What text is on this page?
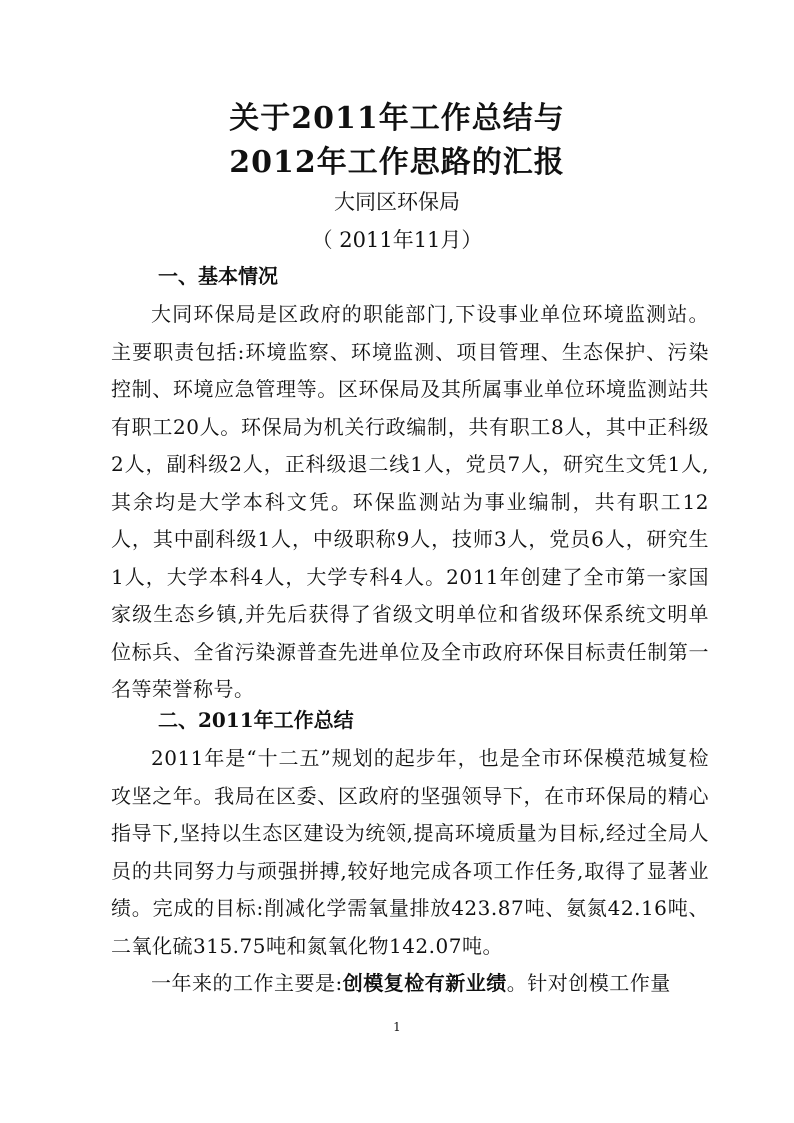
关于2011年工作总结与
2012年工作思路的汇报
大同区环保局
（ 2011年11月）
一、基本情况
大同环保局是区政府的职能部门,下设事业单位环境监测站。主要职责包括:环境监察、环境监测、项目管理、生态保护、污染控制、环境应急管理等。区环保局及其所属事业单位环境监测站共有职工20人。环保局为机关行政编制，共有职工8人，其中正科级2人，副科级2人，正科级退二线1人，党员7人，研究生文凭1人,其余均是大学本科文凭。环保监测站为事业编制，共有职工12人，其中副科级1人，中级职称9人，技师3人，党员6人，研究生1人，大学本科4人，大学专科4人。2011年创建了全市第一家国家级生态乡镇,并先后获得了省级文明单位和省级环保系统文明单位标兵、全省污染源普查先进单位及全市政府环保目标责任制第一名等荣誉称号。
二、2011年工作总结
2011年是“十二五”规划的起步年，也是全市环保模范城复检攻坚之年。我局在区委、区政府的坚强领导下，在市环保局的精心指导下,坚持以生态区建设为统领,提高环境质量为目标,经过全局人员的共同努力与顽强拼搏,较好地完成各项工作任务,取得了显著业绩。完成的目标:削减化学需氧量排放423.87吨、氨氮42.16吨、二氧化硫315.75吨和氮氧化物142.07吨。
一年来的工作主要是:创模复检有新业绩。针对创模工作量
1
